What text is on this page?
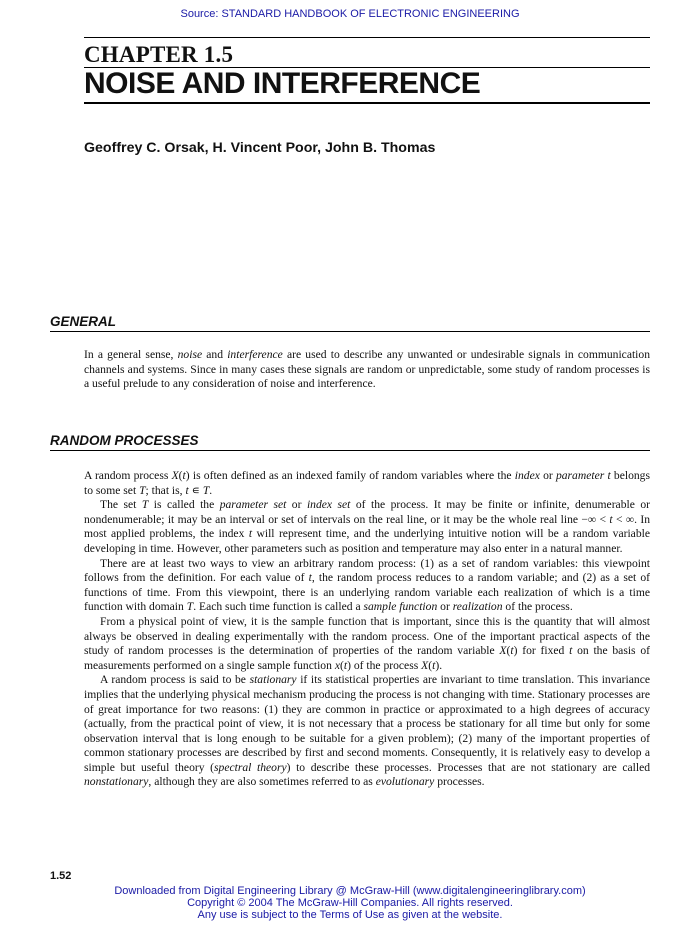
Source: STANDARD HANDBOOK OF ELECTRONIC ENGINEERING
CHAPTER 1.5
NOISE AND INTERFERENCE
Geoffrey C. Orsak, H. Vincent Poor, John B. Thomas
GENERAL

In a general sense, noise and interference are used to describe any unwanted or undesirable signals in communication channels and systems. Since in many cases these signals are random or unpredictable, some study of random processes is a useful prelude to any consideration of noise and interference.

RANDOM PROCESSES

A random process X(t) is often defined as an indexed family of random variables where the index or parameter t belongs to some set T; that is, t ∊ T.

The set T is called the parameter set or index set of the process. It may be finite or infinite, denumerable or nondenumerable; it may be an interval or set of intervals on the real line, or it may be the whole real line −∞ < t < ∞. In most applied problems, the index t will represent time, and the underlying intuitive notion will be a random variable developing in time. However, other parameters such as position and temperature may also enter in a natural manner.

There are at least two ways to view an arbitrary random process: (1) as a set of random variables: this viewpoint follows from the definition. For each value of t, the random process reduces to a random variable; and (2) as a set of functions of time. From this viewpoint, there is an underlying random variable each realization of which is a time function with domain T. Each such time function is called a sample function or realization of the process.

From a physical point of view, it is the sample function that is important, since this is the quantity that will almost always be observed in dealing experimentally with the random process. One of the important practical aspects of the study of random processes is the determination of properties of the random variable X(t) for fixed t on the basis of measurements performed on a single sample function x(t) of the process X(t).

A random process is said to be stationary if its statistical properties are invariant to time translation. This invariance implies that the underlying physical mechanism producing the process is not changing with time. Stationary processes are of great importance for two reasons: (1) they are common in practice or approximated to a high degrees of accuracy (actually, from the practical point of view, it is not necessary that a process be stationary for all time but only for some observation interval that is long enough to be suitable for a given problem); (2) many of the important properties of common stationary processes are described by first and second moments. Consequently, it is relatively easy to develop a simple but useful theory (spectral theory) to describe these processes. Processes that are not stationary are called nonstationary, although they are also sometimes referred to as evolutionary processes.

1.52
Downloaded from Digital Engineering Library @ McGraw-Hill (www.digitalengineeringlibrary.com)
Copyright © 2004 The McGraw-Hill Companies. All rights reserved.
Any use is subject to the Terms of Use as given at the website.
